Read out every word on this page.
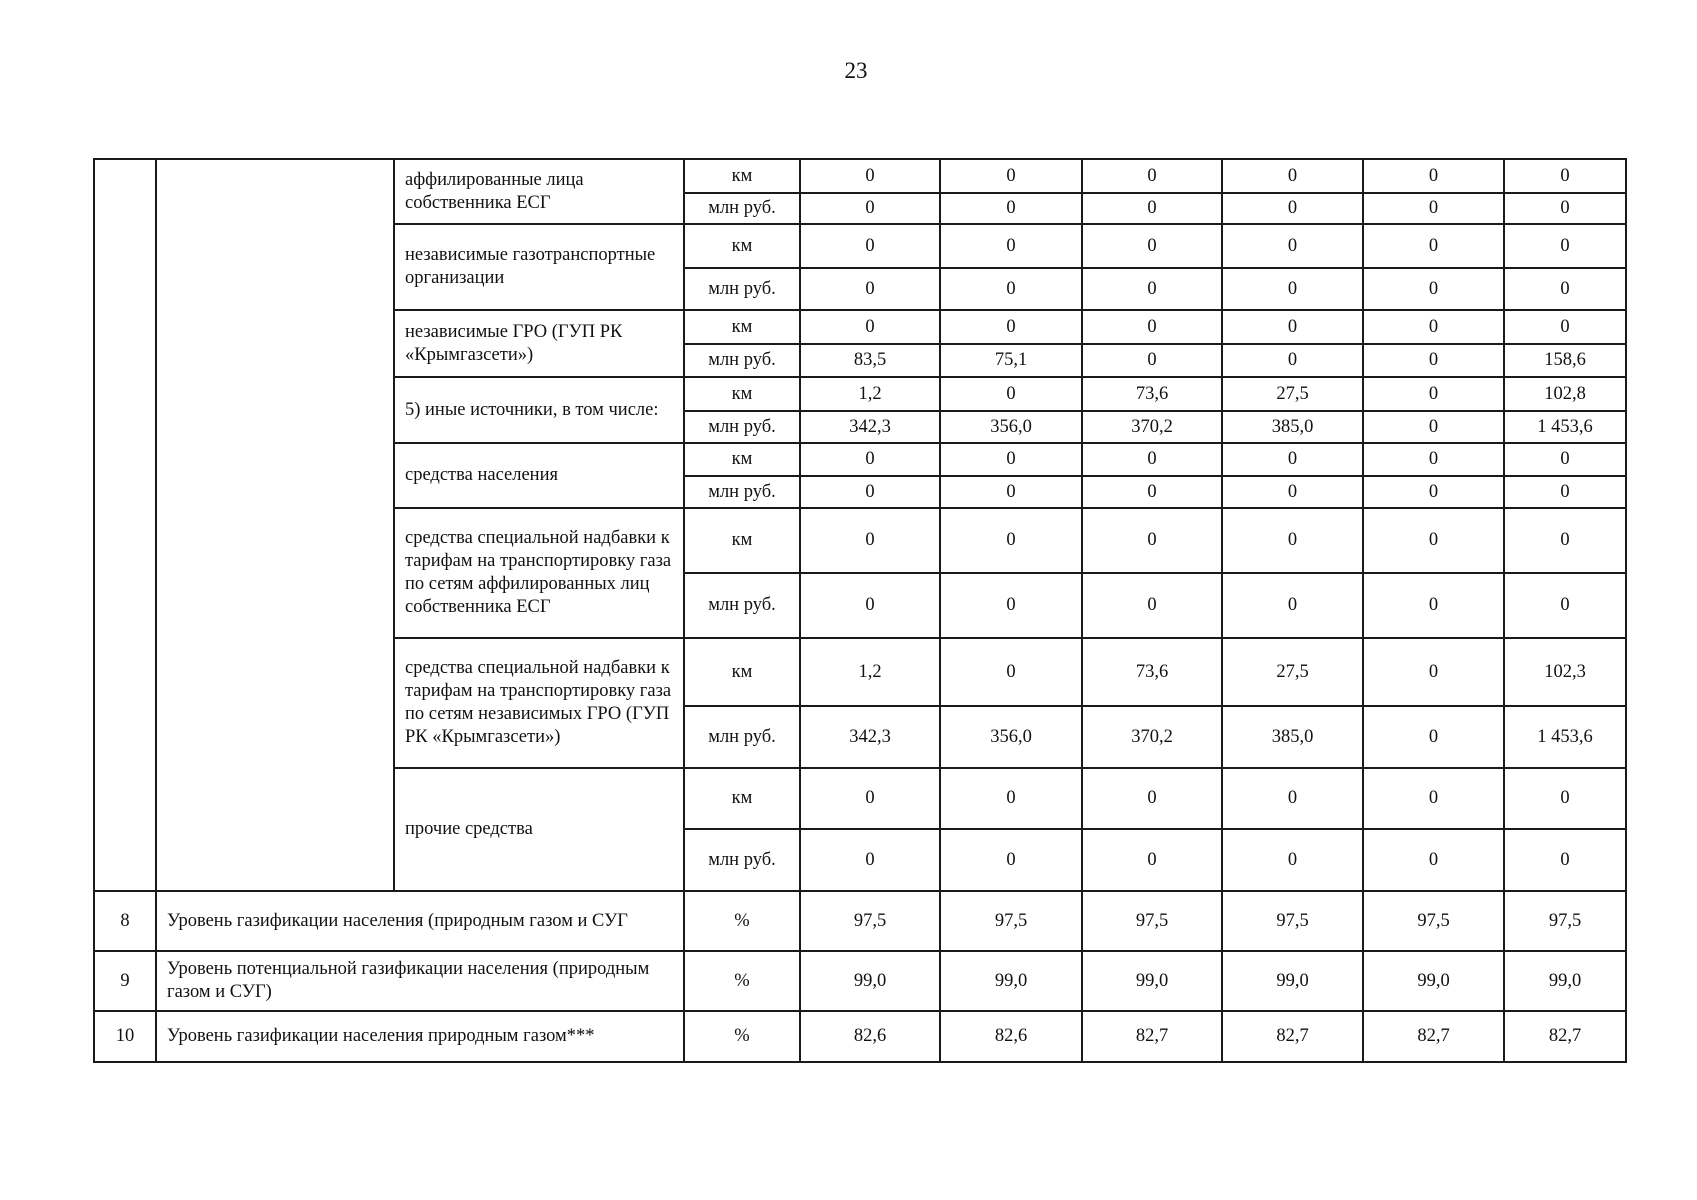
23
		аффилированные лица собственника ЕСГ	км	0	0	0	0	0	0
			млн руб.	0	0	0	0	0	0
		независимые газотранспортные организации	км	0	0	0	0	0	0
			млн руб.	0	0	0	0	0	0
		независимые ГРО (ГУП РК «Крымгазсети»)	км	0	0	0	0	0	0
			млн руб.	83,5	75,1	0	0	0	158,6
		5) иные источники, в том числе:	км	1,2	0	73,6	27,5	0	102,8
			млн руб.	342,3	356,0	370,2	385,0	0	1 453,6
		средства населения	км	0	0	0	0	0	0
			млн руб.	0	0	0	0	0	0
		средства специальной надбавки к тарифам на транспортировку газа по сетям аффилированных лиц собственника ЕСГ	км	0	0	0	0	0	0
			млн руб.	0	0	0	0	0	0
		средства специальной надбавки к тарифам на транспортировку газа по сетям независимых ГРО (ГУП РК «Крымгазсети»)	км	1,2	0	73,6	27,5	0	102,3
			млн руб.	342,3	356,0	370,2	385,0	0	1 453,6
		прочие средства	км	0	0	0	0	0	0
			млн руб.	0	0	0	0	0	0
8	Уровень газификации населения (природным газом и СУГ		%	97,5	97,5	97,5	97,5	97,5	97,5
9	Уровень потенциальной газификации населения (природным газом и СУГ)		%	99,0	99,0	99,0	99,0	99,0	99,0
10	Уровень газификации населения природным газом***		%	82,6	82,6	82,7	82,7	82,7	82,7
